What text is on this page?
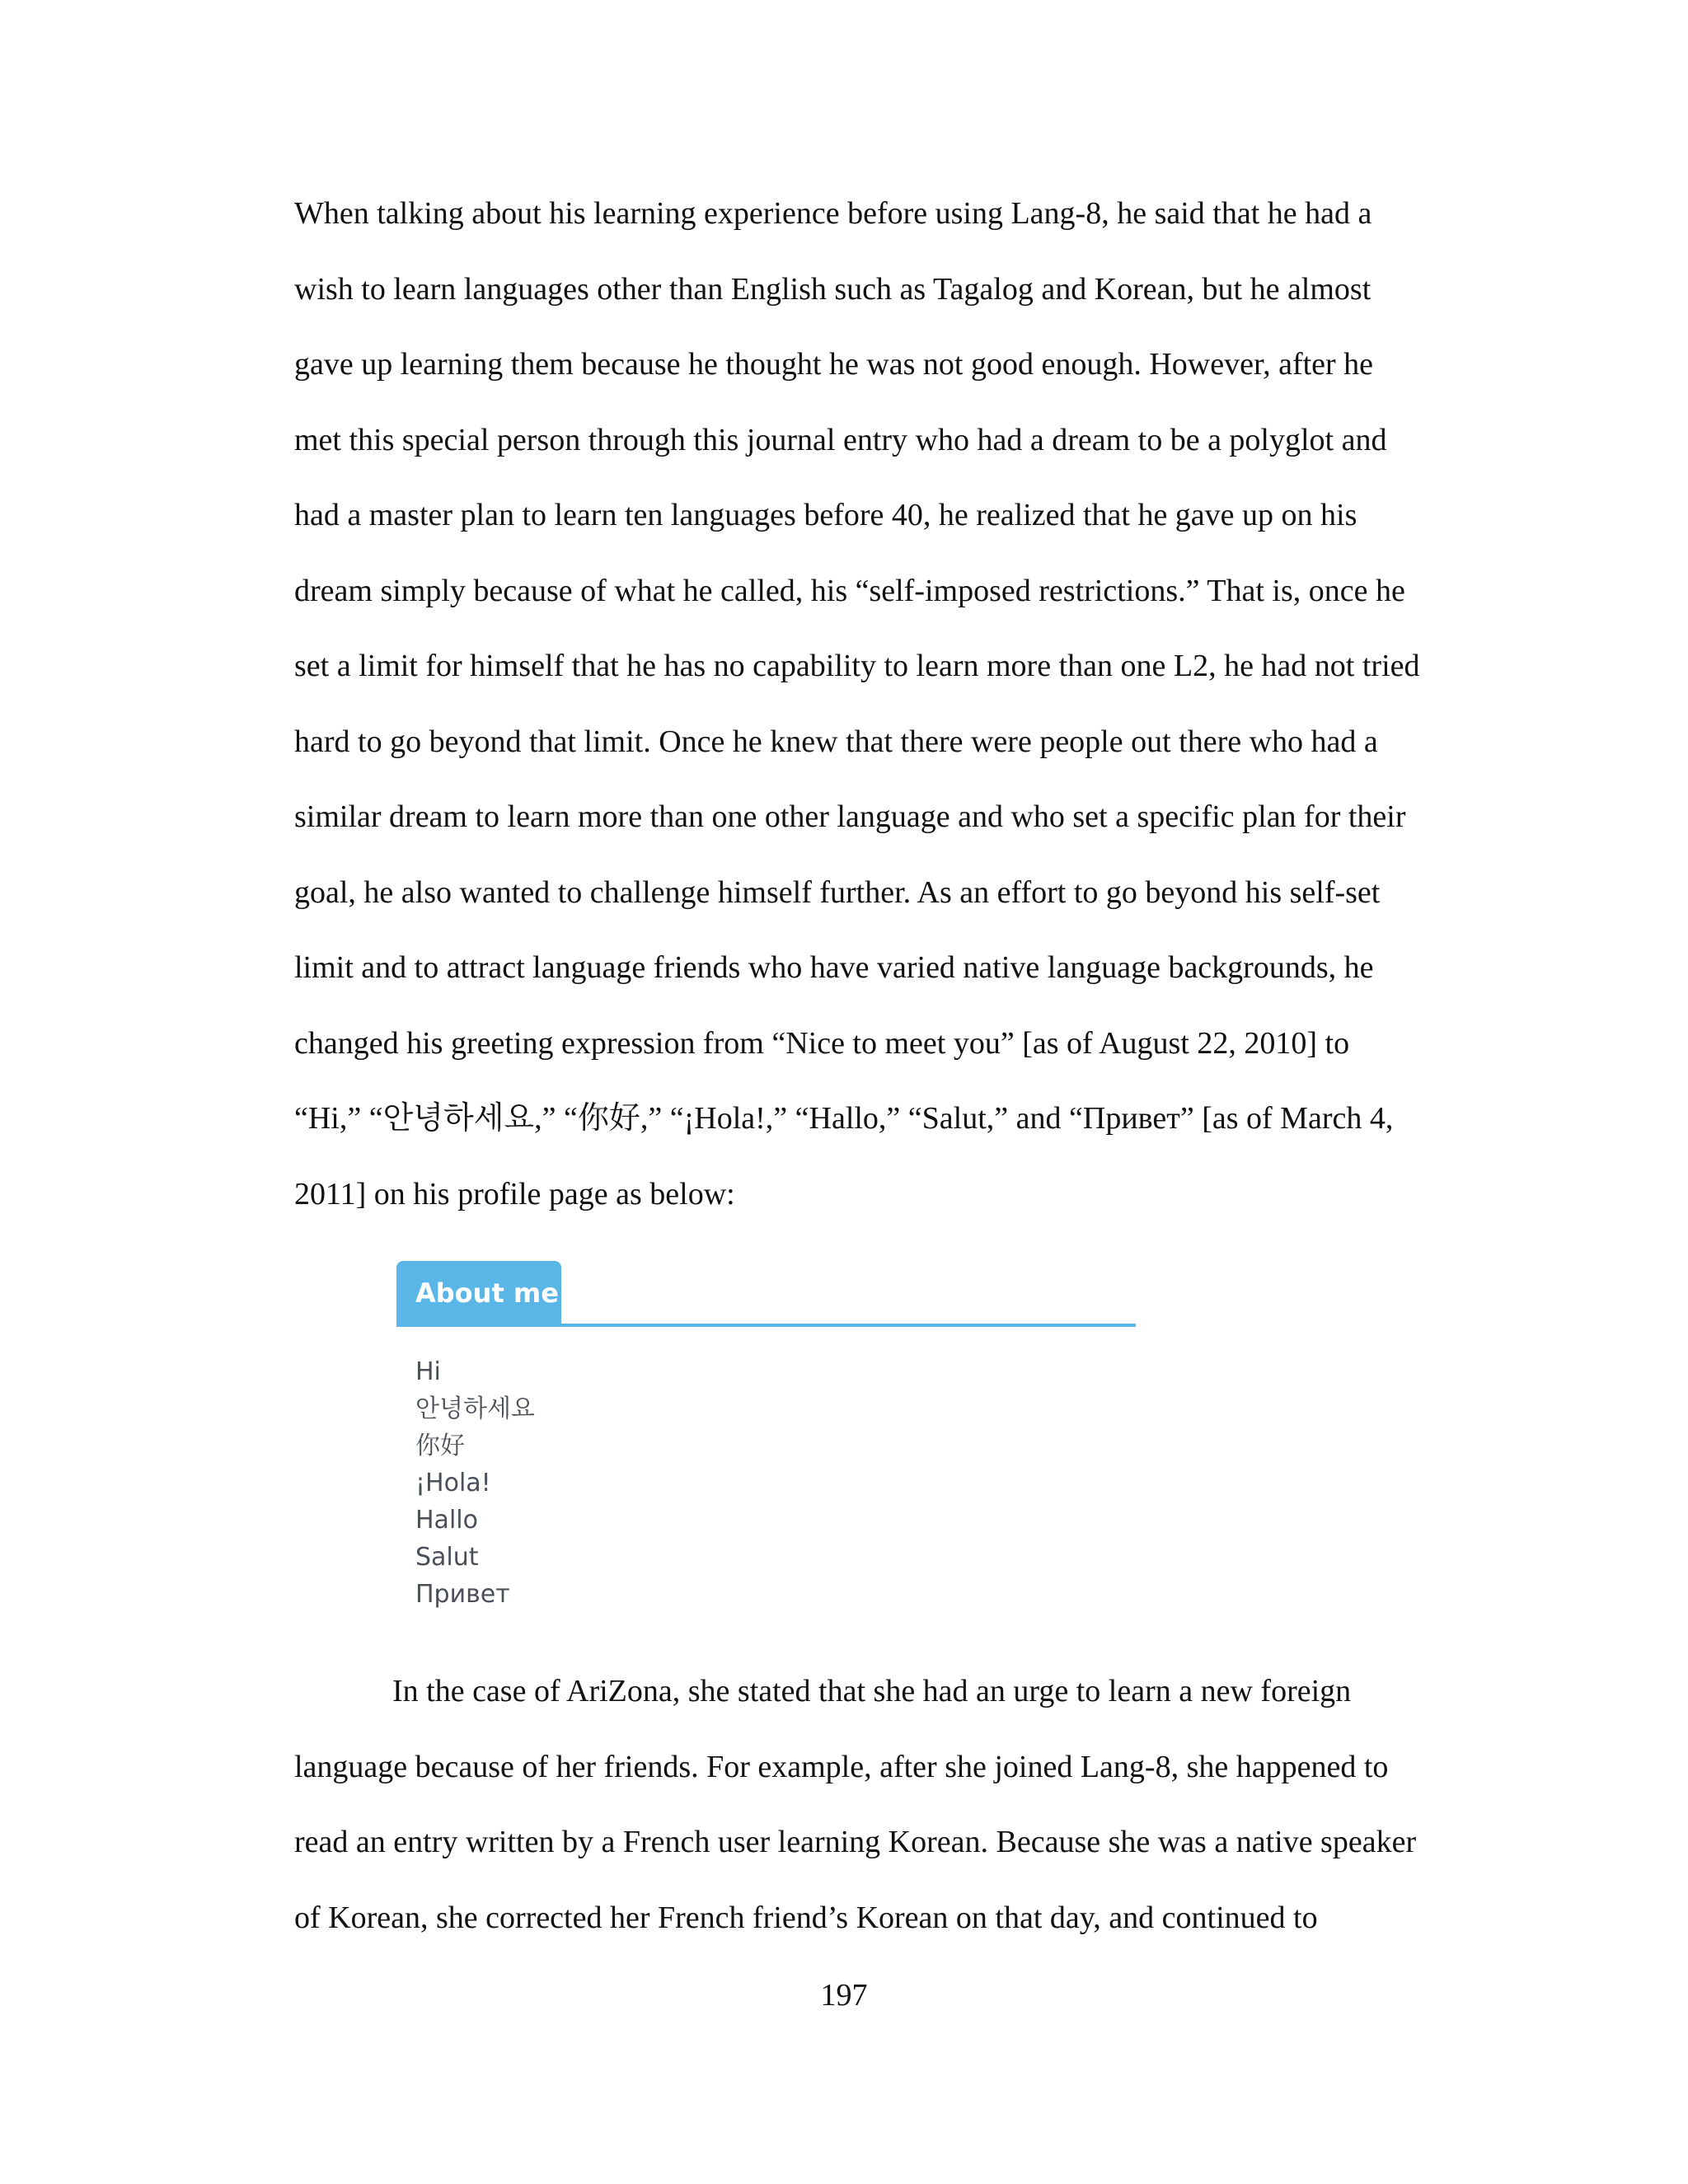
When talking about his learning experience before using Lang-8, he said that he had a
wish to learn languages other than English such as Tagalog and Korean, but he almost
gave up learning them because he thought he was not good enough. However, after he
met this special person through this journal entry who had a dream to be a polyglot and
had a master plan to learn ten languages before 40, he realized that he gave up on his
dream simply because of what he called, his “self-imposed restrictions.” That is, once he
set a limit for himself that he has no capability to learn more than one L2, he had not tried
hard to go beyond that limit. Once he knew that there were people out there who had a
similar dream to learn more than one other language and who set a specific plan for their
goal, he also wanted to challenge himself further. As an effort to go beyond his self-set
limit and to attract language friends who have varied native language backgrounds, he
changed his greeting expression from “Nice to meet you” [as of August 22, 2010] to
“Hi,” “안녕하세요,” “你好,” “¡Hola!,” “Hallo,” “Salut,” and “Привет” [as of March 4,
2011] on his profile page as below:
About me
Hi
안녕하세요
你好
¡Hola!
Hallo
Salut
Привет
In the case of AriZona, she stated that she had an urge to learn a new foreign
language because of her friends. For example, after she joined Lang-8, she happened to
read an entry written by a French user learning Korean. Because she was a native speaker
of Korean, she corrected her French friend’s Korean on that day, and continued to
197
